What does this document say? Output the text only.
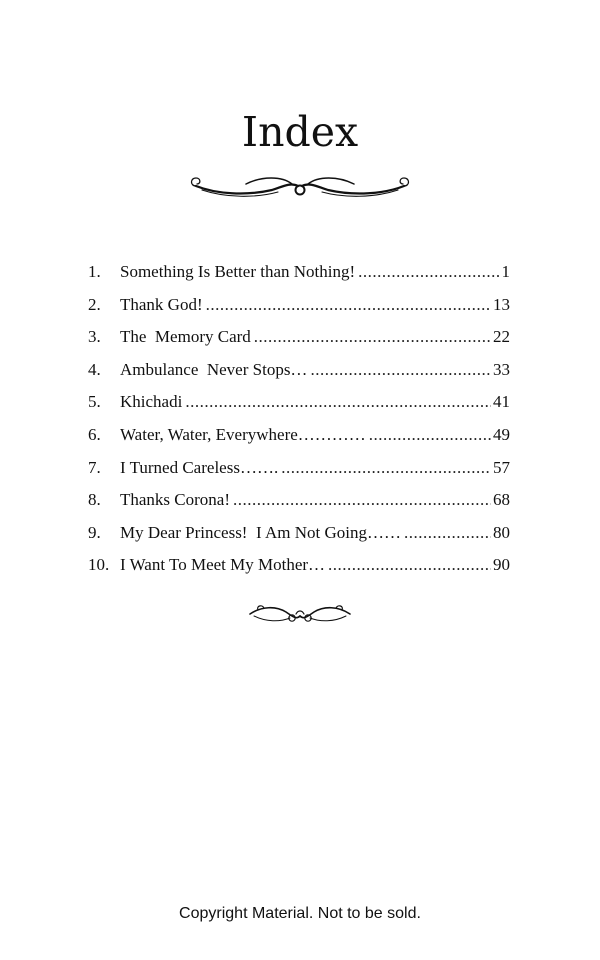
Index
1.	Something Is Better than Nothing! .....	1
2.	Thank God! .....	13
3.	The  Memory Card .....	22
4.	Ambulance  Never Stops… .....	33
5.	Khichadi .....	41
6.	Water, Water, Everywhere………… .....	49
7.	I Turned Careless……. .....	57
8.	Thanks Corona! .....	68
9.	My Dear Princess!  I Am Not Going…… .....	80
10. I Want To Meet My Mother… .....	90
Copyright Material. Not to be sold.
